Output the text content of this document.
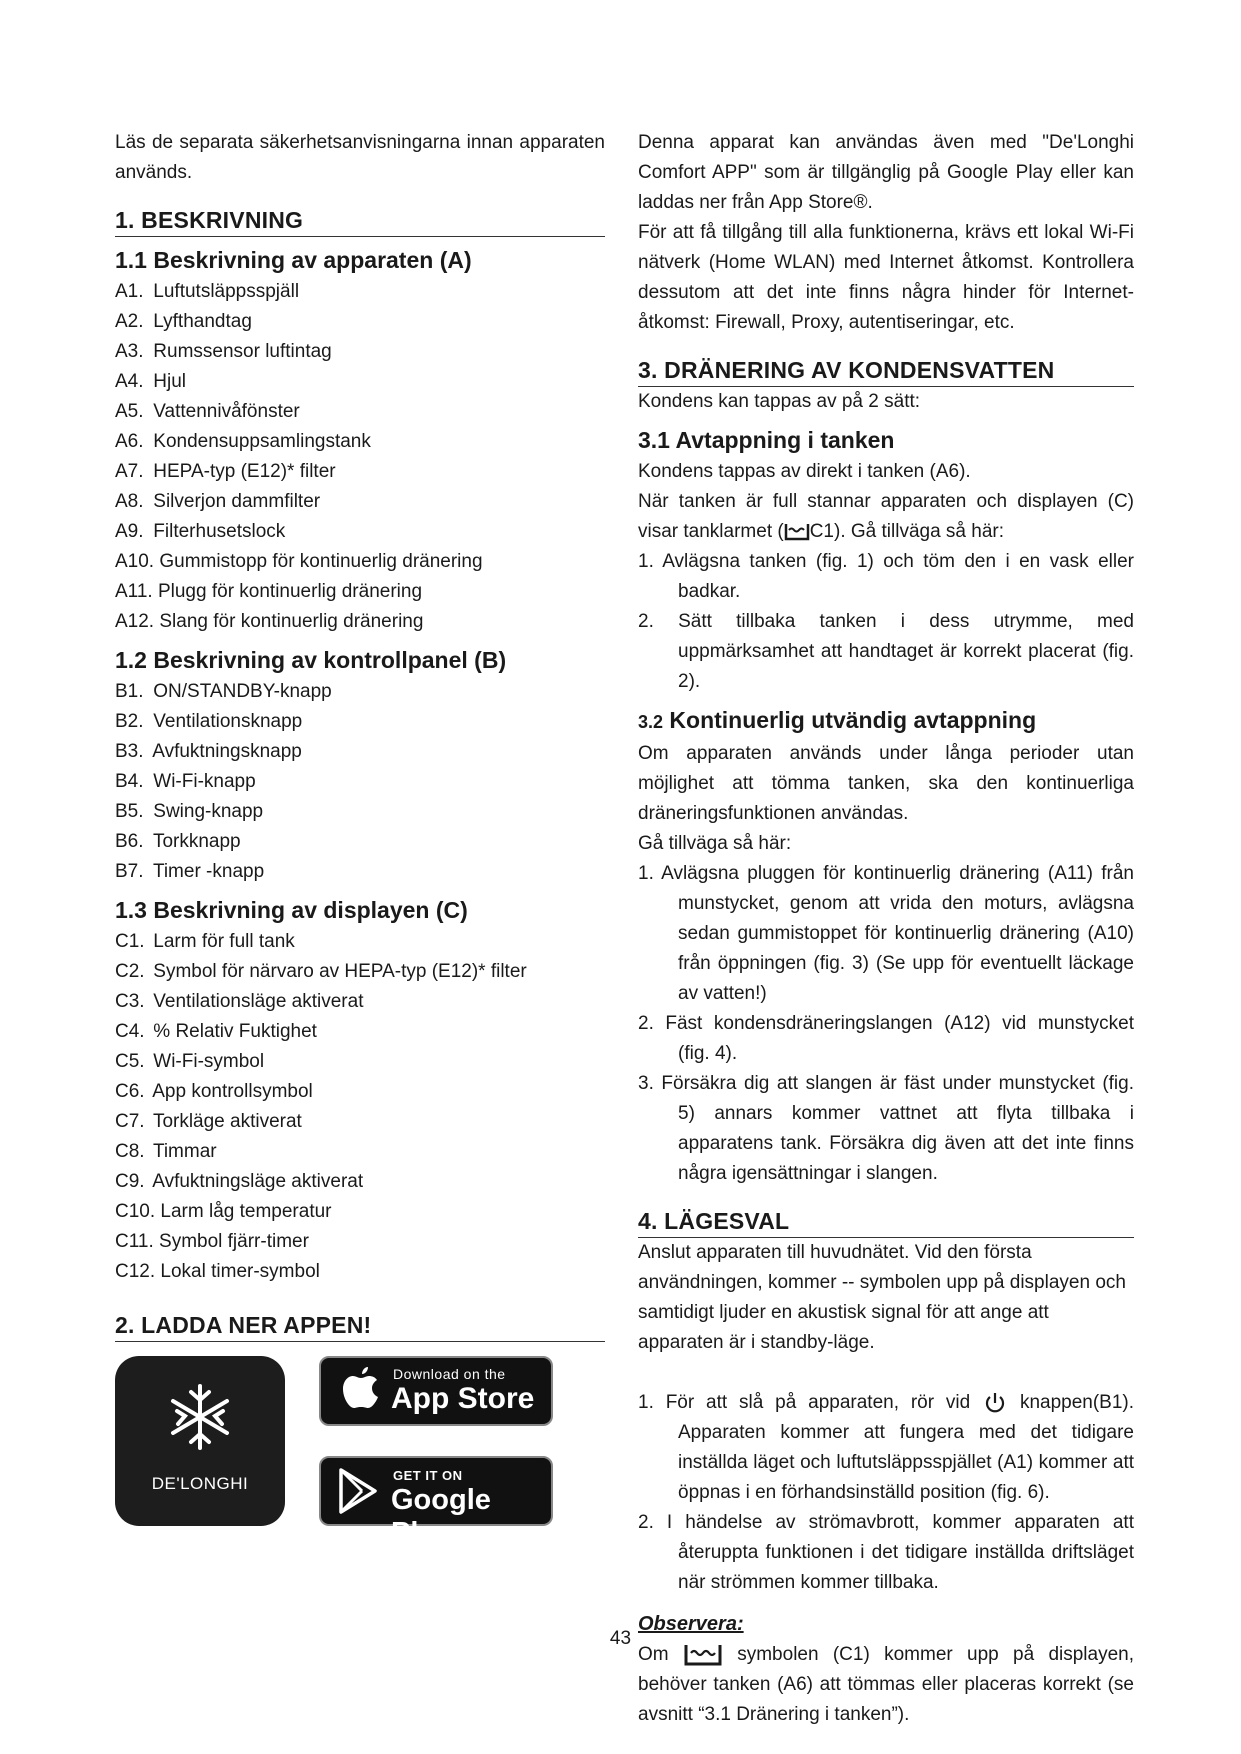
Läs de separata säkerhetsanvisningarna innan apparaten används.

1. BESKRIVNING
1.1 Beskrivning av apparaten (A)
A1. Luftutsläppsspjäll
A2. Lyfthandtag
A3. Rumssensor luftintag
A4. Hjul
A5. Vattennivåfönster
A6. Kondensuppsamlingstank
A7. HEPA-typ (E12)* filter
A8. Silverjon dammfilter
A9. Filterhusetslock
A10. Gummistopp för kontinuerlig dränering
A11. Plugg för kontinuerlig dränering
A12. Slang för kontinuerlig dränering
1.2 Beskrivning av kontrollpanel (B)
B1. ON/STANDBY-knapp
B2. Ventilationsknapp
B3. Avfuktningsknapp
B4. Wi-Fi-knapp
B5. Swing-knapp
B6. Torkknapp
B7. Timer -knapp
1.3 Beskrivning av displayen (C)
C1. Larm för full tank
C2. Symbol för närvaro av HEPA-typ (E12)* filter
C3. Ventilationsläge aktiverat
C4. % Relativ Fuktighet
C5. Wi-Fi-symbol
C6. App kontrollsymbol
C7. Torkläge aktiverat
C8. Timmar
C9. Avfuktningsläge aktiverat
C10. Larm låg temperatur
C11. Symbol fjärr-timer
C12. Lokal timer-symbol
2. LADDA NER APPEN!
DE'LONGHI
Download on the
App Store
GET IT ON
Google Play

Denna apparat kan användas även med "De'Longhi Comfort APP" som är tillgänglig på Google Play eller kan laddas ner från App Store®.

För att få tillgång till alla funktionerna, krävs ett lokal Wi-Fi nätverk (Home WLAN) med Internet åtkomst. Kontrollera dessutom att det inte finns några hinder för Internet-åtkomst: Firewall, Proxy, autentiseringar, etc.

3. DRÄNERING AV KONDENSVATTEN

Kondens kan tappas av på 2 sätt:

3.1 Avtappning i tanken

Kondens tappas av direkt i tanken (A6).

När tanken är full stannar apparaten och displayen (C) visar tanklarmet ( C1). Gå tillväga så här:

1. Avlägsna tanken (fig. 1) och töm den i en vask eller badkar.
2. Sätt tillbaka tanken i dess utrymme, med uppmärksamhet att handtaget är korrekt placerat (fig. 2).
3.2 Kontinuerlig utvändig avtappning

Om apparaten används under långa perioder utan möjlighet att tömma tanken, ska den kontinuerliga dräneringsfunktionen användas.

Gå tillväga så här:

1. Avlägsna pluggen för kontinuerlig dränering (A11) från munstycket, genom att vrida den moturs, avlägsna sedan gummistoppet för kontinuerlig dränering (A10) från öppningen (fig. 3) (Se upp för eventuellt läckage av vatten!)
2. Fäst kondensdräneringslangen (A12) vid munstycket (fig. 4).
3. Försäkra dig att slangen är fäst under munstycket (fig. 5) annars kommer vattnet att flyta tillbaka i apparatens tank. Försäkra dig även att det inte finns några igensättningar i slangen.
4. LÄGESVAL

Anslut apparaten till huvudnätet. Vid den första användningen, kommer -- symbolen upp på displayen och samtidigt ljuder en akustisk signal för att ange att apparaten är i standby-läge.

1. För att slå på apparaten, rör vid	knappen(B1). Apparaten kommer att fungera med det tidigare inställda läget och luftutsläppsspjället (A1) kommer att öppnas i en förhandsinställd position (fig. 6).

2. I händelse av strömavbrott, kommer apparaten att återuppta funktionen i det tidigare inställda driftsläget när strömmen kommer tillbaka.

Observera:

Om	symbolen (C1) kommer upp på displayen, behöver tanken (A6) att tömmas eller placeras korrekt (se avsnitt “3.1 Dränering i tanken”).

43
